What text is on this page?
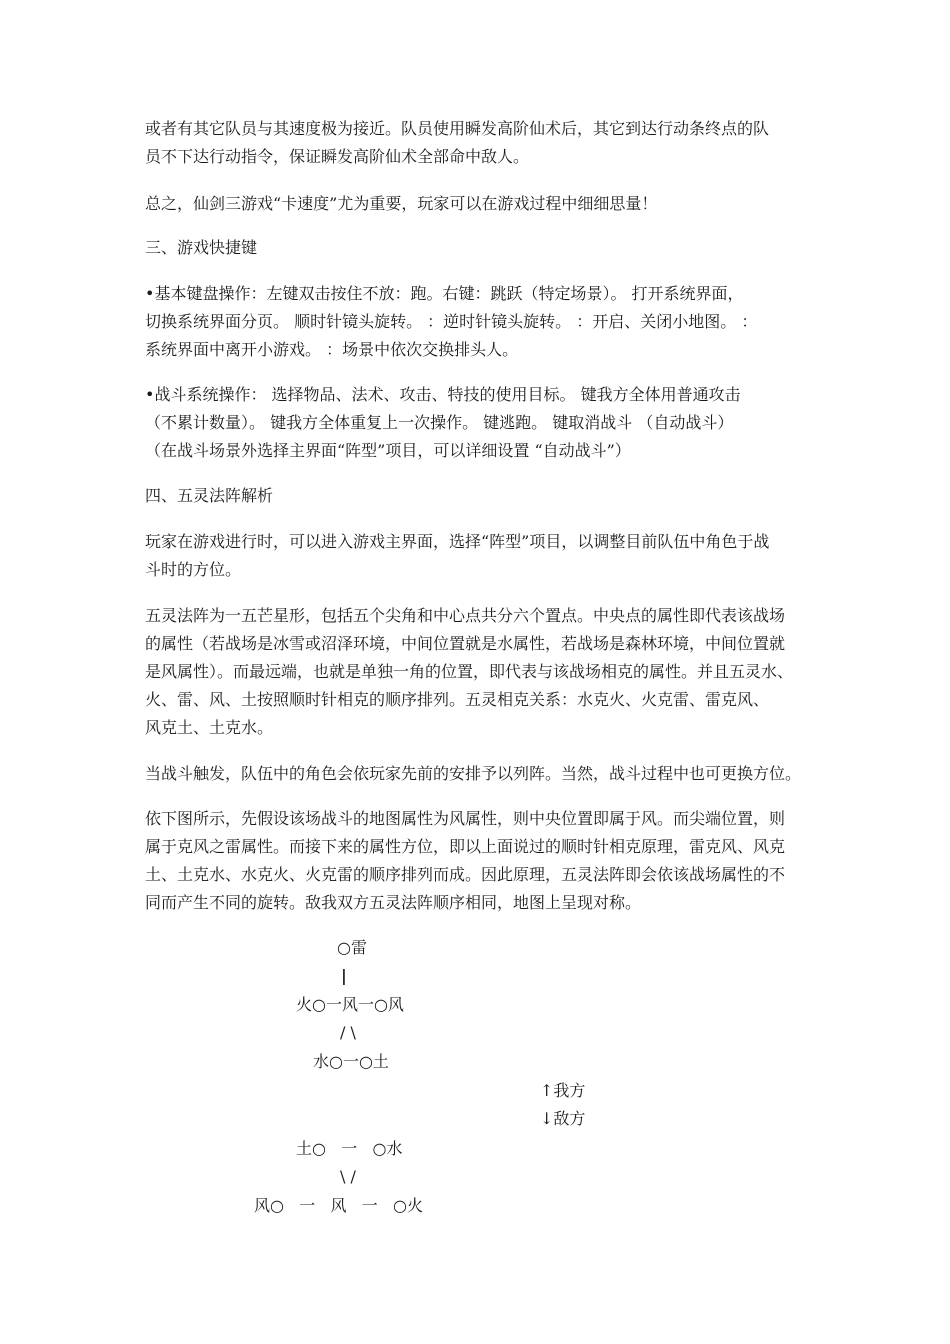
或者有其它队员与其速度极为接近。队员使用瞬发高阶仙术后，其它到达行动条终点的队
员不下达行动指令，保证瞬发高阶仙术全部命中敌人。
总之，仙剑三游戏“卡速度”尤为重要，玩家可以在游戏过程中细细思量！
三、游戏快捷键
•基本键盘操作：左键双击按住不放：跑。右键：跳跃（特定场景）。 打开系统界面，
切换系统界面分页。 顺时针镜头旋转。 ：逆时针镜头旋转。 ：开启、关闭小地图。 ：
系统界面中离开小游戏。 ：场景中依次交换排头人。
•战斗系统操作： 选择物品、法术、攻击、特技的使用目标。 键我方全体用普通攻击
（不累计数量）。 键我方全体重复上一次操作。 键逃跑。 键取消战斗 （自动战斗）
（在战斗场景外选择主界面“阵型”项目，可以详细设置 “自动战斗”）
四、五灵法阵解析
玩家在游戏进行时，可以进入游戏主界面，选择“阵型”项目，以调整目前队伍中角色于战
斗时的方位。
五灵法阵为一五芒星形，包括五个尖角和中心点共分六个置点。中央点的属性即代表该战场
的属性（若战场是冰雪或沼泽环境，中间位置就是水属性，若战场是森林环境，中间位置就
是风属性）。而最远端，也就是单独一角的位置，即代表与该战场相克的属性。并且五灵水、
火、雷、风、土按照顺时针相克的顺序排列。五灵相克关系：水克火、火克雷、雷克风、
风克土、土克水。
当战斗触发，队伍中的角色会依玩家先前的安排予以列阵。当然，战斗过程中也可更换方位。
依下图所示，先假设该场战斗的地图属性为风属性，则中央位置即属于风。而尖端位置，则
属于克风之雷属性。而接下来的属性方位，即以上面说过的顺时针相克原理，雷克风、风克
土、土克水、水克火、火克雷的顺序排列而成。因此原理，五灵法阵即会依该战场属性的不
同而产生不同的旋转。敌我双方五灵法阵顺序相同，地图上呈现对称。
○雷
|
火○一风一○风
/ \
水○一○土
↑我方
↓敌方
土○   一   ○水
\ /
风○   一   风   一   ○火
